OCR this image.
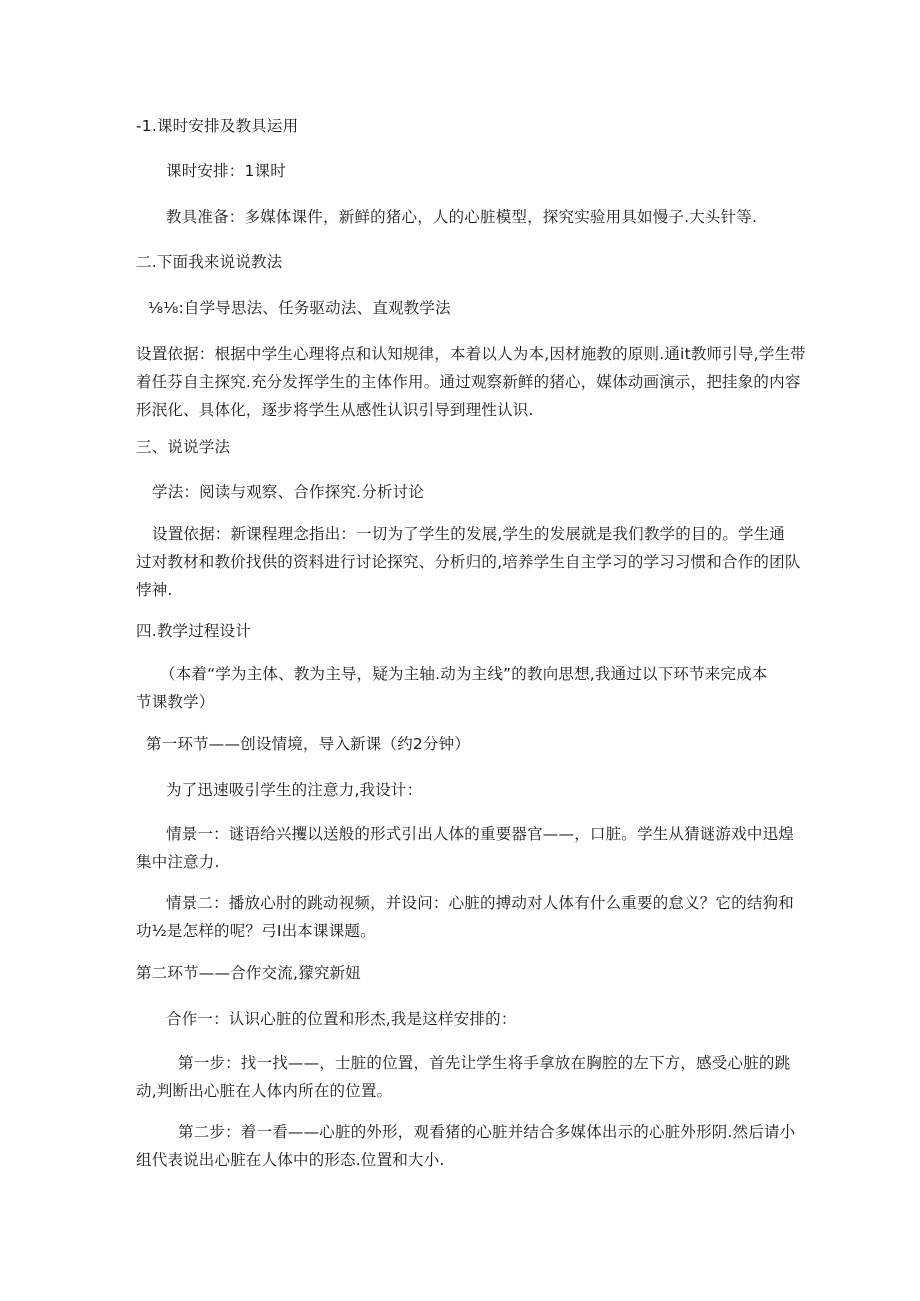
-1.课时安排及教具运用

课时安排：1课时

教具准备：多媒体课件，新鲜的猪心，人的心脏模型，探究实验用具如慢子.大头针等.

二.下面我来说说教法

⅛⅛:自学导思法、任务驱动法、直观教学法

设置依据：根据中学生心理将点和认知规律，本着以人为本,因材施教的原则.通it教师引导,学生带
着任芬自主探究.充分发挥学生的主体作用。通过观察新鲜的猪心，媒体动画演示，把挂象的内容
形泯化、具体化，逐步将学生从感性认识引导到理性认识.

三、说说学法

学法：阅读与观察、合作探究.分析讨论

设置依据：新课程理念指出：一切为了学生的发展,学生的发展就是我们教学的目的。学生通
过对教材和教价找供的资料进行讨论探究、分析归的,培养学生自主学习的学习习惯和合作的团队
悖神.

四.教学过程设计

（本着“学为主体、教为主导，疑为主轴.动为主线”的教向思想,我通过以下环节来完成本
节课教学）

第一环节——创设情境，导入新课（约2分钟）

为了迅速吸引学生的注意力,我设计：

情景一：谜语给兴攫以送般的形式引出人体的重要器官——，口脏。学生从猜谜游戏中迅煌
集中注意力.
情景二：播放心肘的跳动视频，并设问：心脏的搏动对人体有什么重要的怠义？它的结狗和
功½是怎样的呢？弓I出本课课题。

第二环节——合作交流,獴究新妞

合作一：认识心脏的位置和形杰,我是这样安排的：

第一步：找一找——，士脏的位置，首先让学生将手拿放在胸腔的左下方，感受心脏的跳
动,判断出心脏在人体内所在的位置。
第二步：着一看——心脏的外形，观看猪的心脏并结合多媒体出示的心脏外形阴.然后请小
组代表说出心脏在人体中的形态.位置和大小.
